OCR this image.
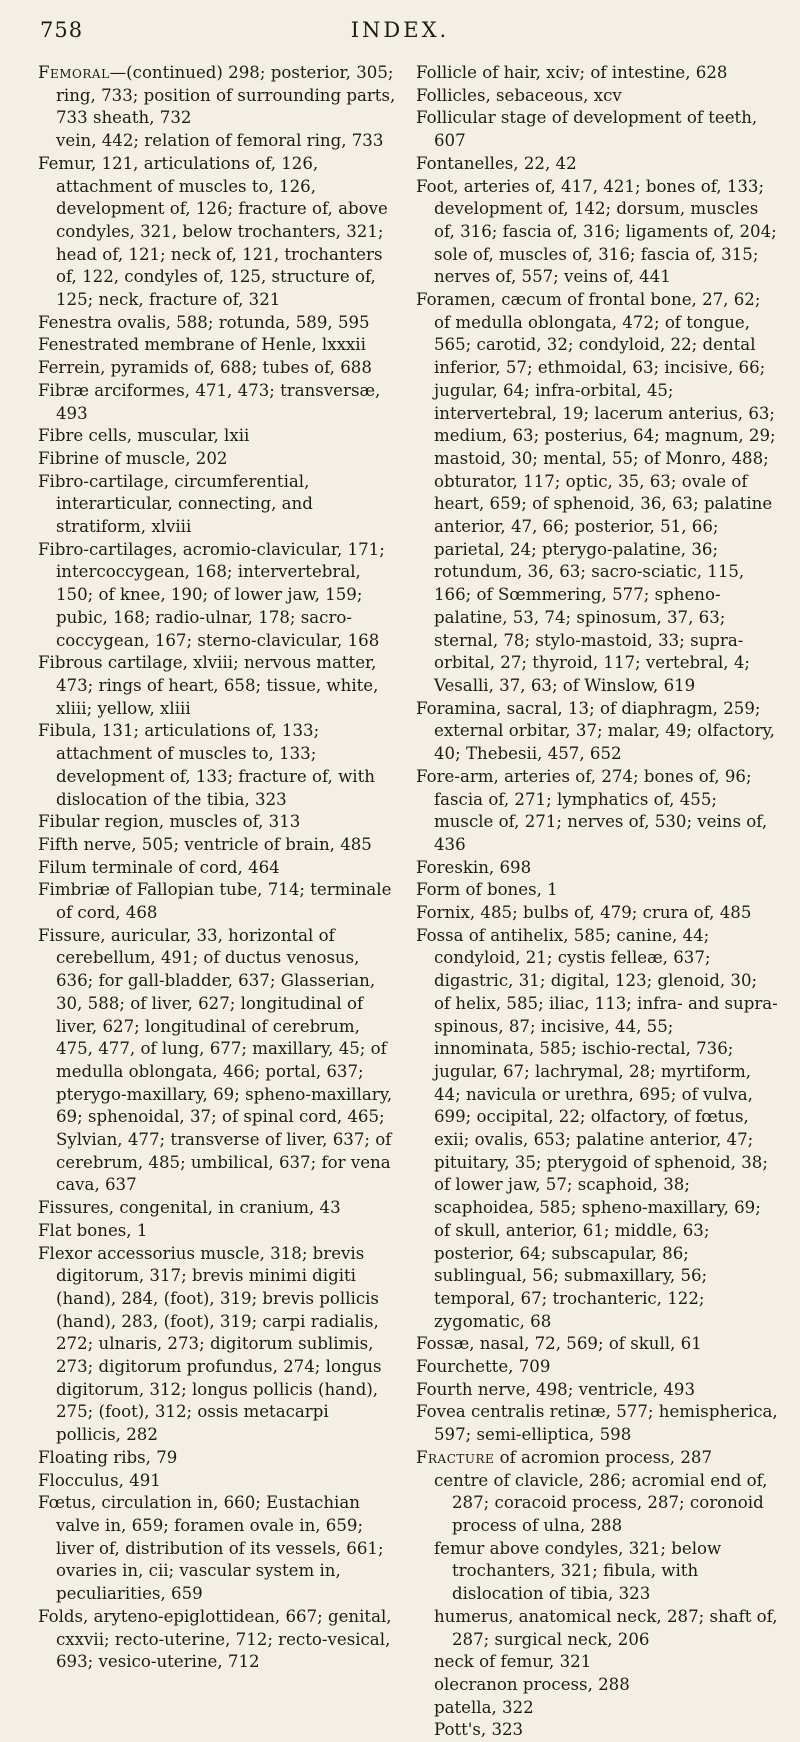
758	INDEX.

Femoral—(continued) 298; posterior, 305; ring, 733; position of surrounding parts, 733 sheath, 732

vein, 442; relation of femoral ring, 733

Femur, 121, articulations of, 126, attachment of muscles to, 126, development of, 126; fracture of, above condyles, 321, below trochanters, 321; head of, 121; neck of, 121, trochanters of, 122, condyles of, 125, structure of, 125; neck, fracture of, 321

Fenestra ovalis, 588; rotunda, 589, 595

Fenestrated membrane of Henle, lxxxii

Ferrein, pyramids of, 688; tubes of, 688

Fibræ arciformes, 471, 473; transversæ, 493

Fibre cells, muscular, lxii

Fibrine of muscle, 202

Fibro-cartilage, circumferential, interarticular, connecting, and stratiform, xlviii

Fibro-cartilages, acromio-clavicular, 171; intercoccygean, 168; intervertebral, 150; of knee, 190; of lower jaw, 159; pubic, 168; radio-ulnar, 178; sacro-coccygean, 167; sterno-clavicular, 168

Fibrous cartilage, xlviii; nervous matter, 473; rings of heart, 658; tissue, white, xliii; yellow, xliii

Fibula, 131; articulations of, 133; attachment of muscles to, 133; development of, 133; fracture of, with dislocation of the tibia, 323

Fibular region, muscles of, 313

Fifth nerve, 505; ventricle of brain, 485

Filum terminale of cord, 464

Fimbriæ of Fallopian tube, 714; terminale of cord, 468

Fissure, auricular, 33, horizontal of cerebellum, 491; of ductus venosus, 636; for gall-bladder, 637; Glasserian, 30, 588; of liver, 627; longitudinal of liver, 627; longitudinal of cerebrum, 475, 477, of lung, 677; maxillary, 45; of medulla oblongata, 466; portal, 637; pterygo-maxillary, 69; spheno-maxillary, 69; sphenoidal, 37; of spinal cord, 465; Sylvian, 477; transverse of liver, 637; of cerebrum, 485; umbilical, 637; for vena cava, 637

Fissures, congenital, in cranium, 43

Flat bones, 1

Flexor accessorius muscle, 318; brevis digitorum, 317; brevis minimi digiti (hand), 284, (foot), 319; brevis pollicis (hand), 283, (foot), 319; carpi radialis, 272; ulnaris, 273; digitorum sublimis, 273; digitorum profundus, 274; longus digitorum, 312; longus pollicis (hand), 275; (foot), 312; ossis metacarpi pollicis, 282

Floating ribs, 79

Flocculus, 491

Fœtus, circulation in, 660; Eustachian valve in, 659; foramen ovale in, 659; liver of, distribution of its vessels, 661; ovaries in, cii; vascular system in, peculiarities, 659

Folds, aryteno-epiglottidean, 667; genital, cxxvii; recto-uterine, 712; recto-vesical, 693; vesico-uterine, 712

Follicle of hair, xciv; of intestine, 628

Follicles, sebaceous, xcv

Follicular stage of development of teeth, 607

Fontanelles, 22, 42

Foot, arteries of, 417, 421; bones of, 133; development of, 142; dorsum, muscles of, 316; fascia of, 316; ligaments of, 204; sole of, muscles of, 316; fascia of, 315; nerves of, 557; veins of, 441

Foramen, cæcum of frontal bone, 27, 62; of medulla oblongata, 472; of tongue, 565; carotid, 32; condyloid, 22; dental inferior, 57; ethmoidal, 63; incisive, 66; jugular, 64; infra-orbital, 45; intervertebral, 19; lacerum anterius, 63; medium, 63; posterius, 64; magnum, 29; mastoid, 30; mental, 55; of Monro, 488; obturator, 117; optic, 35, 63; ovale of heart, 659; of sphenoid, 36, 63; palatine anterior, 47, 66; posterior, 51, 66; parietal, 24; pterygo-palatine, 36; rotundum, 36, 63; sacro-sciatic, 115, 166; of Sœmmering, 577; spheno-palatine, 53, 74; spinosum, 37, 63; sternal, 78; stylo-mastoid, 33; supra-orbital, 27; thyroid, 117; vertebral, 4; Vesalli, 37, 63; of Winslow, 619

Foramina, sacral, 13; of diaphragm, 259; external orbitar, 37; malar, 49; olfactory, 40; Thebesii, 457, 652

Fore-arm, arteries of, 274; bones of, 96; fascia of, 271; lymphatics of, 455; muscle of, 271; nerves of, 530; veins of, 436

Foreskin, 698

Form of bones, 1

Fornix, 485; bulbs of, 479; crura of, 485

Fossa of antihelix, 585; canine, 44; condyloid, 21; cystis felleæ, 637; digastric, 31; digital, 123; glenoid, 30; of helix, 585; iliac, 113; infra- and supra-spinous, 87; incisive, 44, 55; innominata, 585; ischio-rectal, 736; jugular, 67; lachrymal, 28; myrtiform, 44; navicula or urethra, 695; of vulva, 699; occipital, 22; olfactory, of fœtus, exii; ovalis, 653; palatine anterior, 47; pituitary, 35; pterygoid of sphenoid, 38; of lower jaw, 57; scaphoid, 38; scaphoidea, 585; spheno-maxillary, 69; of skull, anterior, 61; middle, 63; posterior, 64; subscapular, 86; sublingual, 56; submaxillary, 56; temporal, 67; trochanteric, 122; zygomatic, 68

Fossæ, nasal, 72, 569; of skull, 61

Fourchette, 709

Fourth nerve, 498; ventricle, 493

Fovea centralis retinæ, 577; hemispherica, 597; semi-elliptica, 598

Fracture of acromion process, 287

centre of clavicle, 286; acromial end of, 287; coracoid process, 287; coronoid process of ulna, 288

femur above condyles, 321; below trochanters, 321; fibula, with dislocation of tibia, 323

humerus, anatomical neck, 287; shaft of, 287; surgical neck, 206

neck of femur, 321

olecranon process, 288

patella, 322

Pott's, 323
